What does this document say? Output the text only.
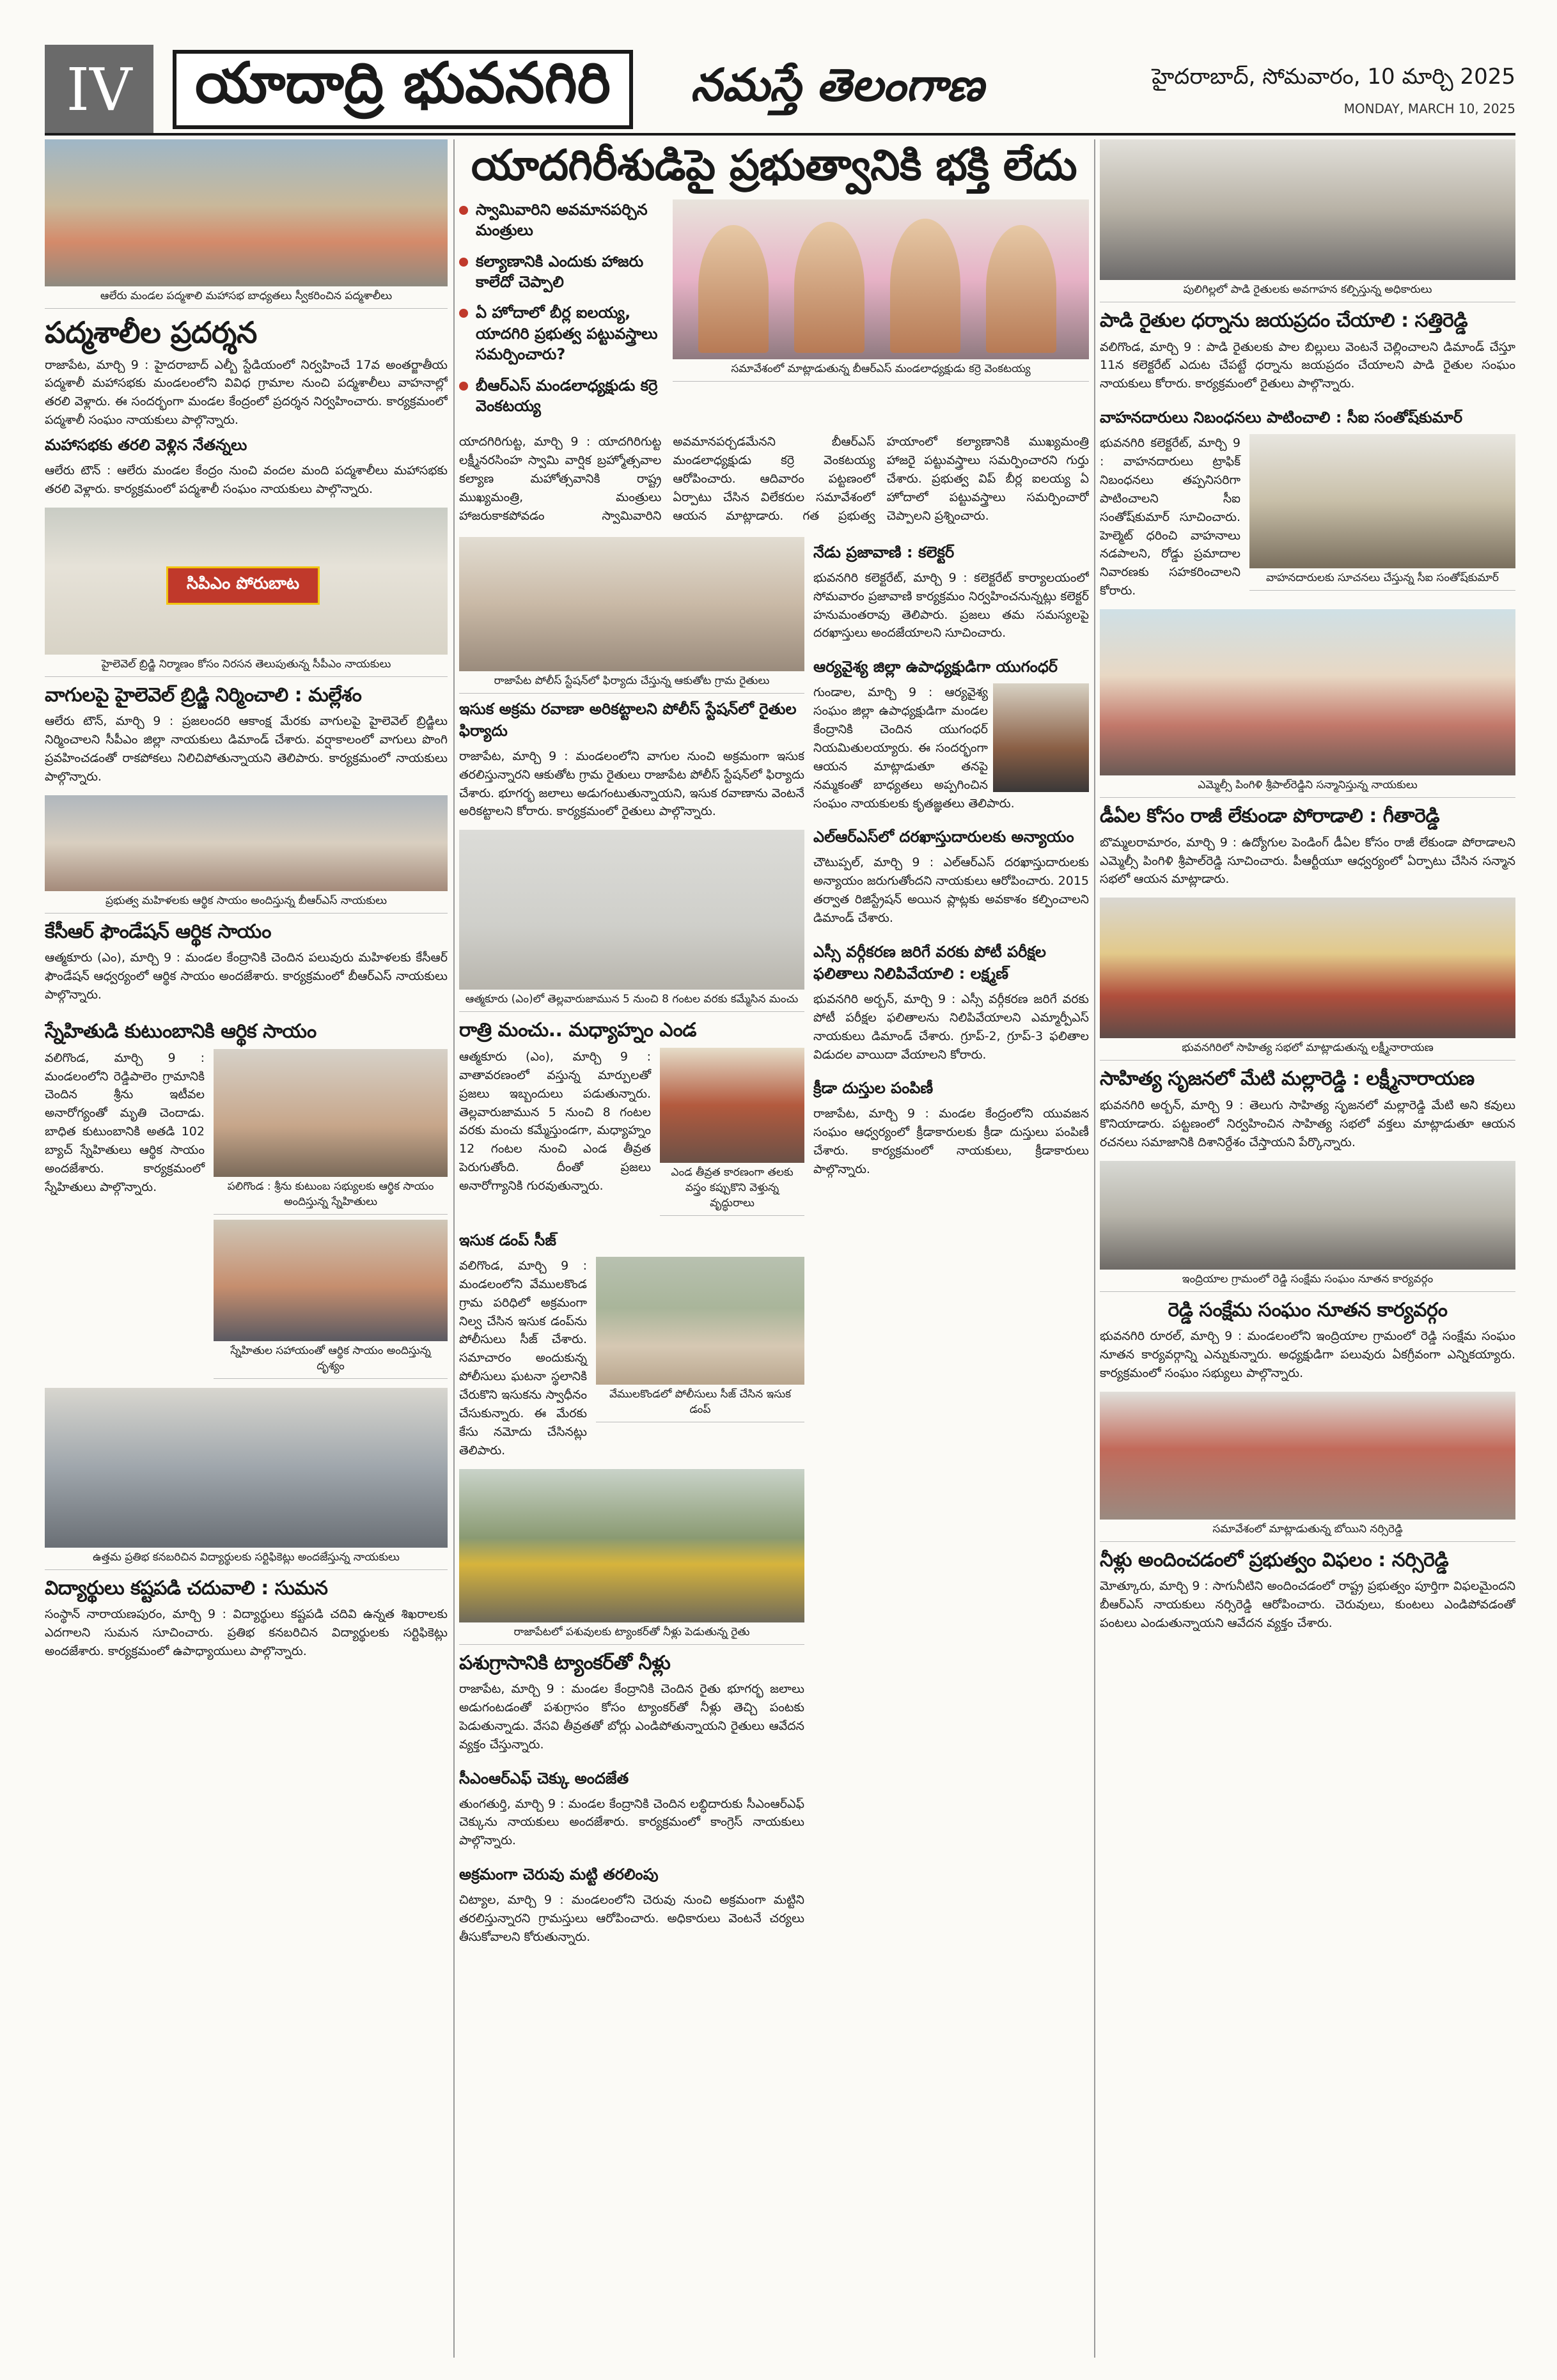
IV	యాదాద్రి భువనగిరి	నమస్తే తెలంగాణ	హైదరాబాద్, సోమవారం, 10 మార్చి 2025
MONDAY, MARCH 10, 2025
ఆలేరు మండల పద్మశాలి మహాసభ బాధ్యతలు స్వీకరించిన పద్మశాలీలు
పద్మశాలీల ప్రదర్శన
రాజాపేట, మార్చి 9 : హైదరాబాద్ ఎల్బీ స్టేడియంలో నిర్వహించే 17వ అంతర్జాతీయ పద్మశాలీ మహాసభకు మండలంలోని వివిధ గ్రామాల నుంచి పద్మశాలీలు వాహనాల్లో తరలి వెళ్లారు. ఈ సందర్భంగా మండల కేంద్రంలో ప్రదర్శన నిర్వహించారు. కార్యక్రమంలో పద్మశాలీ సంఘం నాయకులు పాల్గొన్నారు.
మహాసభకు తరలి వెళ్లిన నేతన్నలు
ఆలేరు టౌన్ : ఆలేరు మండల కేంద్రం నుంచి వందల మంది పద్మశాలీలు మహాసభకు తరలి వెళ్లారు. కార్యక్రమంలో పద్మశాలీ సంఘం నాయకులు పాల్గొన్నారు.
సిపిఎం పోరుబాట
హైలెవెల్ బ్రిడ్జి నిర్మాణం కోసం నిరసన తెలుపుతున్న సీపీఎం నాయకులు
వాగులపై హైలెవెల్ బ్రిడ్జి నిర్మించాలి : మల్లేశం
ఆలేరు టౌన్, మార్చి 9 : ప్రజలందరి ఆకాంక్ష మేరకు వాగులపై హైలెవెల్ బ్రిడ్జిలు నిర్మించాలని సీపీఎం జిల్లా నాయకులు డిమాండ్ చేశారు. వర్షాకాలంలో వాగులు పొంగి ప్రవహించడంతో రాకపోకలు నిలిచిపోతున్నాయని తెలిపారు. కార్యక్రమంలో నాయకులు పాల్గొన్నారు.
ప్రభుత్వ మహిళలకు ఆర్థిక సాయం అందిస్తున్న బీఆర్ఎస్ నాయకులు
కేసీఆర్ ఫౌండేషన్ ఆర్థిక సాయం
ఆత్మకూరు (ఎం), మార్చి 9 : మండల కేంద్రానికి చెందిన పలువురు మహిళలకు కేసీఆర్ ఫౌండేషన్ ఆధ్వర్యంలో ఆర్థిక సాయం అందజేశారు. కార్యక్రమంలో బీఆర్ఎస్ నాయకులు పాల్గొన్నారు.
స్నేహితుడి కుటుంబానికి ఆర్థిక సాయం
వలిగొండ, మార్చి 9 : మండలంలోని రెడ్డిపాలెం గ్రామానికి చెందిన శ్రీను ఇటీవల అనారోగ్యంతో మృతి చెందాడు. బాధిత కుటుంబానికి అతడి 102 బ్యాచ్ స్నేహితులు ఆర్థిక సాయం అందజేశారు. కార్యక్రమంలో స్నేహితులు పాల్గొన్నారు.	పలిగొండ : శ్రీను కుటుంబ సభ్యులకు ఆర్థిక సాయం అందిస్తున్న స్నేహితులు
స్నేహితుల సహాయంతో ఆర్థిక సాయం అందిస్తున్న దృశ్యం
ఉత్తమ ప్రతిభ కనబరిచిన విద్యార్థులకు సర్టిఫికెట్లు అందజేస్తున్న నాయకులు
విద్యార్థులు కష్టపడి చదువాలి : సుమన
సంస్థాన్ నారాయణపురం, మార్చి 9 : విద్యార్థులు కష్టపడి చదివి ఉన్నత శిఖరాలకు ఎదగాలని సుమన సూచించారు. ప్రతిభ కనబరిచిన విద్యార్థులకు సర్టిఫికెట్లు అందజేశారు. కార్యక్రమంలో ఉపాధ్యాయులు పాల్గొన్నారు.
యాదగిరీశుడిపై ప్రభుత్వానికి భక్తి లేదు
స్వామివారిని అవమానపర్చిన మంత్రులు
కల్యాణానికి ఎందుకు హాజరు కాలేదో చెప్పాలి
ఏ హోదాలో బీర్ల ఐలయ్య, యాదగిరి ప్రభుత్వ పట్టువస్త్రాలు సమర్పించారు?
బీఆర్ఎస్ మండలాధ్యక్షుడు కర్రె వెంకటయ్య
సమావేశంలో మాట్లాడుతున్న బీఆర్ఎస్ మండలాధ్యక్షుడు కర్రె వెంకటయ్య
యాదగిరిగుట్ట, మార్చి 9 : యాదగిరిగుట్ట లక్ష్మీనరసింహ స్వామి వార్షిక బ్రహ్మోత్సవాల కల్యాణ మహోత్సవానికి రాష్ట్ర ముఖ్యమంత్రి, మంత్రులు హాజరుకాకపోవడం స్వామివారిని అవమానపర్చడమేనని బీఆర్ఎస్ మండలాధ్యక్షుడు కర్రె వెంకటయ్య ఆరోపించారు. ఆదివారం పట్టణంలో ఏర్పాటు చేసిన విలేకరుల సమావేశంలో ఆయన మాట్లాడారు. గత ప్రభుత్వ హయాంలో కల్యాణానికి ముఖ్యమంత్రి హాజరై పట్టువస్త్రాలు సమర్పించారని గుర్తు చేశారు. ప్రభుత్వ విప్ బీర్ల ఐలయ్య ఏ హోదాలో పట్టువస్త్రాలు సమర్పించారో చెప్పాలని ప్రశ్నించారు.
రాజాపేట పోలీస్ స్టేషన్‌లో ఫిర్యాదు చేస్తున్న ఆకుతోట గ్రామ రైతులు
ఇసుక అక్రమ రవాణా అరికట్టాలని పోలీస్ స్టేషన్‌లో రైతుల ఫిర్యాదు
రాజాపేట, మార్చి 9 : మండలంలోని వాగుల నుంచి అక్రమంగా ఇసుక తరలిస్తున్నారని ఆకుతోట గ్రామ రైతులు రాజాపేట పోలీస్ స్టేషన్‌లో ఫిర్యాదు చేశారు. భూగర్భ జలాలు అడుగంటుతున్నాయని, ఇసుక రవాణాను వెంటనే అరికట్టాలని కోరారు. కార్యక్రమంలో రైతులు పాల్గొన్నారు.
ఆత్మకూరు (ఎం)లో తెల్లవారుజామున 5 నుంచి 8 గంటల వరకు కమ్మేసిన మంచు
రాత్రి మంచు.. మధ్యాహ్నం ఎండ
ఆత్మకూరు (ఎం), మార్చి 9 : వాతావరణంలో వస్తున్న మార్పులతో ప్రజలు ఇబ్బందులు పడుతున్నారు. తెల్లవారుజామున 5 నుంచి 8 గంటల వరకు మంచు కమ్మేస్తుండగా, మధ్యాహ్నం 12 గంటల నుంచి ఎండ తీవ్రత పెరుగుతోంది. దీంతో ప్రజలు అనారోగ్యానికి గురవుతున్నారు.
ఎండ తీవ్రత కారణంగా తలకు వస్త్రం కప్పుకొని వెళ్తున్న వృద్ధురాలు
ఇసుక డంప్ సీజ్
వలిగొండ, మార్చి 9 : మండలంలోని వేములకొండ గ్రామ పరిధిలో అక్రమంగా నిల్వ చేసిన ఇసుక డంప్‌ను పోలీసులు సీజ్ చేశారు. సమాచారం అందుకున్న పోలీసులు ఘటనా స్థలానికి చేరుకొని ఇసుకను స్వాధీనం చేసుకున్నారు. ఈ మేరకు కేసు నమోదు చేసినట్లు తెలిపారు.
వేములకొండలో పోలీసులు సీజ్ చేసిన ఇసుక డంప్
రాజాపేటలో పశువులకు ట్యాంకర్‌తో నీళ్లు పెడుతున్న రైతు
పశుగ్రాసానికి ట్యాంకర్‌తో నీళ్లు
రాజాపేట, మార్చి 9 : మండల కేంద్రానికి చెందిన రైతు భూగర్భ జలాలు అడుగంటడంతో పశుగ్రాసం కోసం ట్యాంకర్‌తో నీళ్లు తెచ్చి పంటకు పెడుతున్నాడు. వేసవి తీవ్రతతో బోర్లు ఎండిపోతున్నాయని రైతులు ఆవేదన వ్యక్తం చేస్తున్నారు.
సీఎంఆర్ఎఫ్ చెక్కు అందజేత
తుంగతుర్తి, మార్చి 9 : మండల కేంద్రానికి చెందిన లబ్ధిదారుకు సీఎంఆర్ఎఫ్ చెక్కును నాయకులు అందజేశారు. కార్యక్రమంలో కాంగ్రెస్ నాయకులు పాల్గొన్నారు.
అక్రమంగా చెరువు మట్టి తరలింపు
చిట్యాల, మార్చి 9 : మండలంలోని చెరువు నుంచి అక్రమంగా మట్టిని తరలిస్తున్నారని గ్రామస్తులు ఆరోపించారు. అధికారులు వెంటనే చర్యలు తీసుకోవాలని కోరుతున్నారు.
నేడు ప్రజావాణి : కలెక్టర్
భువనగిరి కలెక్టరేట్, మార్చి 9 : కలెక్టరేట్ కార్యాలయంలో సోమవారం ప్రజావాణి కార్యక్రమం నిర్వహించనున్నట్లు కలెక్టర్ హనుమంతరావు తెలిపారు. ప్రజలు తమ సమస్యలపై దరఖాస్తులు అందజేయాలని సూచించారు.
ఆర్యవైశ్య జిల్లా ఉపాధ్యక్షుడిగా యుగంధర్
గుండాల, మార్చి 9 : ఆర్యవైశ్య సంఘం జిల్లా ఉపాధ్యక్షుడిగా మండల కేంద్రానికి చెందిన యుగంధర్ నియమితులయ్యారు. ఈ సందర్భంగా ఆయన మాట్లాడుతూ తనపై నమ్మకంతో బాధ్యతలు అప్పగించిన సంఘం నాయకులకు కృతజ్ఞతలు తెలిపారు.
ఎల్ఆర్ఎస్‌లో దరఖాస్తుదారులకు అన్యాయం
చౌటుప్పల్, మార్చి 9 : ఎల్ఆర్ఎస్ దరఖాస్తుదారులకు అన్యాయం జరుగుతోందని నాయకులు ఆరోపించారు. 2015 తర్వాత రిజిస్ట్రేషన్ అయిన ప్లాట్లకు అవకాశం కల్పించాలని డిమాండ్ చేశారు.
ఎస్సీ వర్గీకరణ జరిగే వరకు పోటీ పరీక్షల ఫలితాలు నిలిపివేయాలి : లక్ష్మణ్
భువనగిరి అర్బన్, మార్చి 9 : ఎస్సీ వర్గీకరణ జరిగే వరకు పోటీ పరీక్షల ఫలితాలను నిలిపివేయాలని ఎమ్మార్పీఎస్ నాయకులు డిమాండ్ చేశారు. గ్రూప్-2, గ్రూప్-3 ఫలితాల విడుదల వాయిదా వేయాలని కోరారు.
క్రీడా దుస్తుల పంపిణీ
రాజాపేట, మార్చి 9 : మండల కేంద్రంలోని యువజన సంఘం ఆధ్వర్యంలో క్రీడాకారులకు క్రీడా దుస్తులు పంపిణీ చేశారు. కార్యక్రమంలో నాయకులు, క్రీడాకారులు పాల్గొన్నారు.
పులిగిల్లలో పాడి రైతులకు అవగాహన కల్పిస్తున్న అధికారులు
పాడి రైతుల ధర్నాను జయప్రదం చేయాలి : సత్తిరెడ్డి
వలిగొండ, మార్చి 9 : పాడి రైతులకు పాల బిల్లులు వెంటనే చెల్లించాలని డిమాండ్ చేస్తూ 11న కలెక్టరేట్ ఎదుట చేపట్టే ధర్నాను జయప్రదం చేయాలని పాడి రైతుల సంఘం నాయకులు కోరారు. కార్యక్రమంలో రైతులు పాల్గొన్నారు.
వాహనదారులు నిబంధనలు పాటించాలి : సీఐ సంతోష్‌కుమార్
భువనగిరి కలెక్టరేట్, మార్చి 9 : వాహనదారులు ట్రాఫిక్ నిబంధనలు తప్పనిసరిగా పాటించాలని సీఐ సంతోష్‌కుమార్ సూచించారు. హెల్మెట్ ధరించి వాహనాలు నడపాలని, రోడ్డు ప్రమాదాల నివారణకు సహకరించాలని కోరారు.
వాహనదారులకు సూచనలు చేస్తున్న సీఐ సంతోష్‌కుమార్
ఎమ్మెల్సీ పింగిళి శ్రీపాల్‌రెడ్డిని సన్మానిస్తున్న నాయకులు
డీఏల కోసం రాజీ లేకుండా పోరాడాలి : గీతారెడ్డి
బొమ్మలరామారం, మార్చి 9 : ఉద్యోగుల పెండింగ్ డీఏల కోసం రాజీ లేకుండా పోరాడాలని ఎమ్మెల్సీ పింగిళి శ్రీపాల్‌రెడ్డి సూచించారు. పీఆర్టీయూ ఆధ్వర్యంలో ఏర్పాటు చేసిన సన్మాన సభలో ఆయన మాట్లాడారు.
భువనగిరిలో సాహిత్య సభలో మాట్లాడుతున్న లక్ష్మీనారాయణ
సాహిత్య సృజనలో మేటి మల్లారెడ్డి : లక్ష్మీనారాయణ
భువనగిరి అర్బన్, మార్చి 9 : తెలుగు సాహిత్య సృజనలో మల్లారెడ్డి మేటి అని కవులు కొనియాడారు. పట్టణంలో నిర్వహించిన సాహిత్య సభలో వక్తలు మాట్లాడుతూ ఆయన రచనలు సమాజానికి దిశానిర్దేశం చేస్తాయని పేర్కొన్నారు.
ఇంద్రియాల గ్రామంలో రెడ్డి సంక్షేమ సంఘం నూతన కార్యవర్గం
రెడ్డి సంక్షేమ సంఘం నూతన కార్యవర్గం
భువనగిరి రూరల్, మార్చి 9 : మండలంలోని ఇంద్రియాల గ్రామంలో రెడ్డి సంక్షేమ సంఘం నూతన కార్యవర్గాన్ని ఎన్నుకున్నారు. అధ్యక్షుడిగా పలువురు ఏకగ్రీవంగా ఎన్నికయ్యారు. కార్యక్రమంలో సంఘం సభ్యులు పాల్గొన్నారు.
సమావేశంలో మాట్లాడుతున్న బోయిని నర్సిరెడ్డి
నీళ్లు అందించడంలో ప్రభుత్వం విఫలం : నర్సిరెడ్డి
మోత్కూరు, మార్చి 9 : సాగునీటిని అందించడంలో రాష్ట్ర ప్రభుత్వం పూర్తిగా విఫలమైందని బీఆర్ఎస్ నాయకులు నర్సిరెడ్డి ఆరోపించారు. చెరువులు, కుంటలు ఎండిపోవడంతో పంటలు ఎండుతున్నాయని ఆవేదన వ్యక్తం చేశారు.
